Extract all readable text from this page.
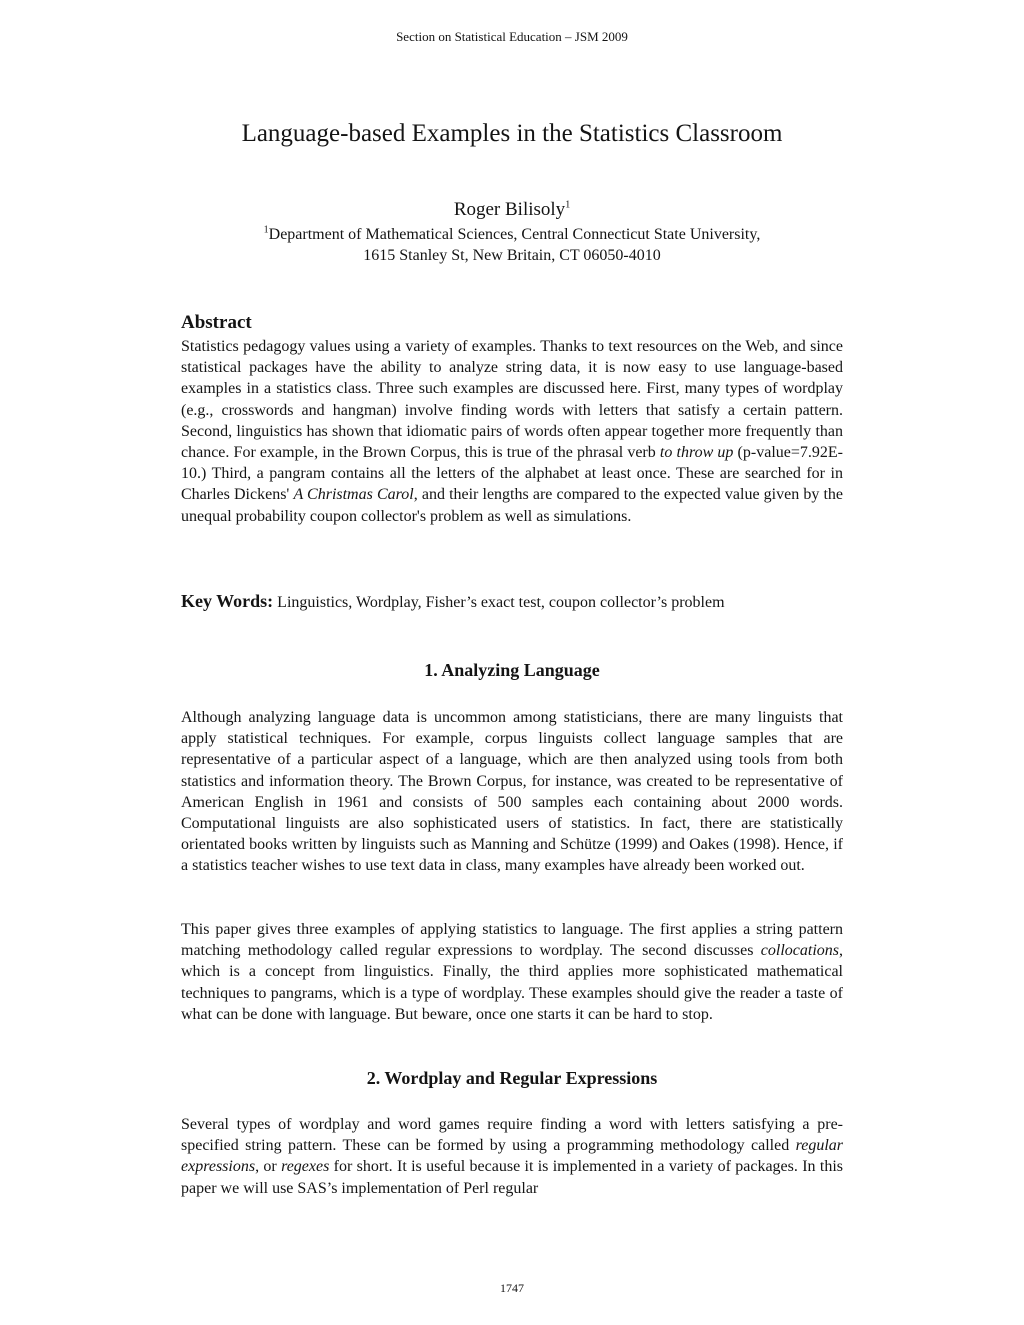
Section on Statistical Education – JSM 2009
Language-based Examples in the Statistics Classroom
Roger Bilisoly$^1$
$^1$Department of Mathematical Sciences, Central Connecticut State University,
1615 Stanley St, New Britain, CT 06050-4010
Abstract

Statistics pedagogy values using a variety of examples. Thanks to text resources on the Web, and since statistical packages have the ability to analyze string data, it is now easy to use language-based examples in a statistics class. Three such examples are discussed here. First, many types of wordplay (e.g., crosswords and hangman) involve finding words with letters that satisfy a certain pattern. Second, linguistics has shown that idiomatic pairs of words often appear together more frequently than chance. For example, in the Brown Corpus, this is true of the phrasal verb to throw up (p-value=7.92E-10.) Third, a pangram contains all the letters of the alphabet at least once. These are searched for in Charles Dickens' A Christmas Carol, and their lengths are compared to the expected value given by the unequal probability coupon collector's problem as well as simulations.

Key Words: Linguistics, Wordplay, Fisher’s exact test, coupon collector’s problem
1. Analyzing Language

Although analyzing language data is uncommon among statisticians, there are many linguists that apply statistical techniques. For example, corpus linguists collect language samples that are representative of a particular aspect of a language, which are then analyzed using tools from both statistics and information theory. The Brown Corpus, for instance, was created to be representative of American English in 1961 and consists of 500 samples each containing about 2000 words. Computational linguists are also sophisticated users of statistics. In fact, there are statistically orientated books written by linguists such as Manning and Schütze (1999) and Oakes (1998). Hence, if a statistics teacher wishes to use text data in class, many examples have already been worked out.

This paper gives three examples of applying statistics to language. The first applies a string pattern matching methodology called regular expressions to wordplay. The second discusses collocations, which is a concept from linguistics. Finally, the third applies more sophisticated mathematical techniques to pangrams, which is a type of wordplay. These examples should give the reader a taste of what can be done with language. But beware, once one starts it can be hard to stop.

2. Wordplay and Regular Expressions

Several types of wordplay and word games require finding a word with letters satisfying a pre-specified string pattern. These can be formed by using a programming methodology called regular expressions, or regexes for short. It is useful because it is implemented in a variety of packages. In this paper we will use SAS’s implementation of Perl regular

1747
